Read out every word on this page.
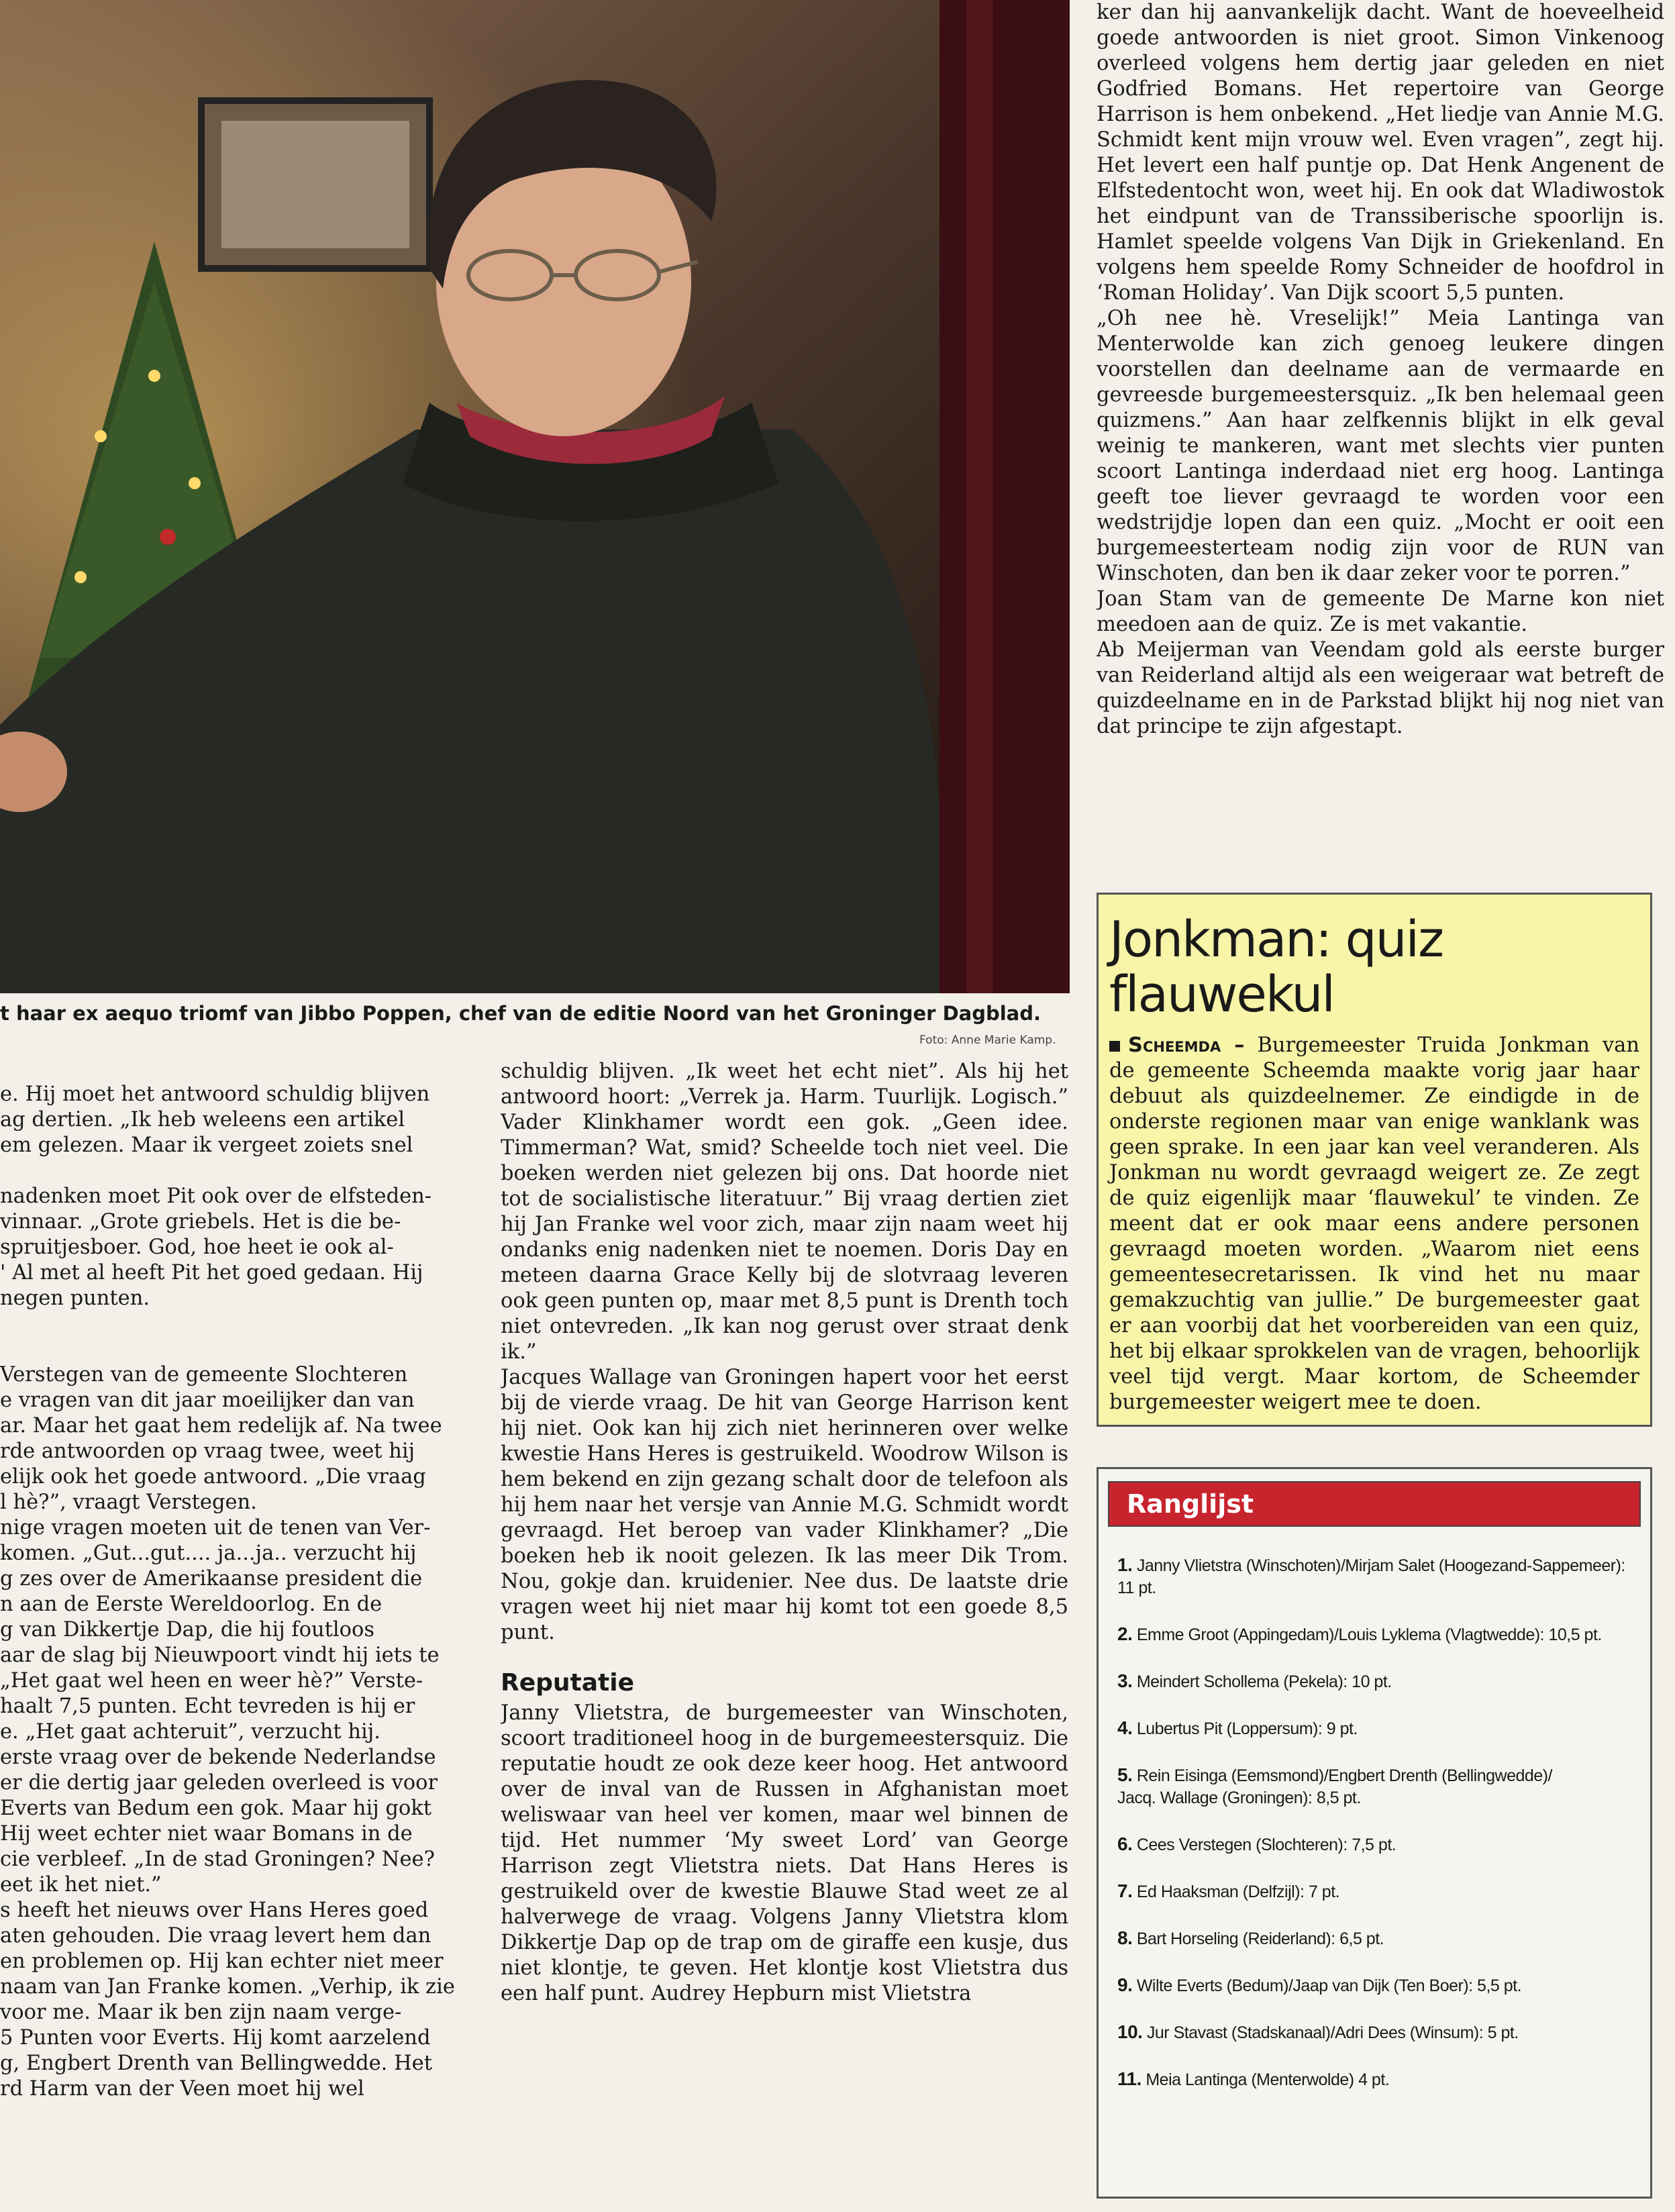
t haar ex aequo triomf van Jibbo Poppen, chef van de editie Noord van het Groninger Dagblad.
Foto: Anne Marie Kamp.

e. Hij moet het antwoord schuldig blijven

ag dertien. „Ik heb weleens een artikel

em gelezen. Maar ik vergeet zoiets snel

nadenken moet Pit ook over de elfsteden-

vinnaar. „Grote griebels. Het is die be-

spruitjesboer. God, hoe heet ie ook al-

' Al met al heeft Pit het goed gedaan. Hij

negen punten.

Verstegen van de gemeente Slochteren

e vragen van dit jaar moeilijker dan van

ar. Maar het gaat hem redelijk af. Na twee

rde antwoorden op vraag twee, weet hij

elijk ook het goede antwoord. „Die vraag

l hè?”, vraagt Verstegen.

nige vragen moeten uit de tenen van Ver-

komen. „Gut...gut.... ja...ja.. verzucht hij

g zes over de Amerikaanse president die

n aan de Eerste Wereldoorlog. En de

g van Dikkertje Dap, die hij foutloos

aar de slag bij Nieuwpoort vindt hij iets te

„Het gaat wel heen en weer hè?” Verste-

haalt 7,5 punten. Echt tevreden is hij er

e. „Het gaat achteruit”, verzucht hij.

erste vraag over de bekende Nederlandse

er die dertig jaar geleden overleed is voor

Everts van Bedum een gok. Maar hij gokt

Hij weet echter niet waar Bomans in de

cie verbleef. „In de stad Groningen? Nee?

eet ik het niet.”

s heeft het nieuws over Hans Heres goed

aten gehouden. Die vraag levert hem dan

en problemen op. Hij kan echter niet meer

naam van Jan Franke komen. „Verhip, ik zie

voor me. Maar ik ben zijn naam verge-

5 Punten voor Everts. Hij komt aarzelend

g, Engbert Drenth van Bellingwedde. Het

rd Harm van der Veen moet hij wel

schuldig blijven. „Ik weet het echt niet”. Als hij het antwoord hoort: „Verrek ja. Harm. Tuurlijk. Logisch.” Vader Klinkhamer wordt een gok. „Geen idee. Timmerman? Wat, smid? Scheelde toch niet veel. Die boeken werden niet gelezen bij ons. Dat hoorde niet tot de socialistische literatuur.” Bij vraag dertien ziet hij Jan Franke wel voor zich, maar zijn naam weet hij ondanks enig nadenken niet te noemen. Doris Day en meteen daarna Grace Kelly bij de slotvraag leveren ook geen punten op, maar met 8,5 punt is Drenth toch niet ontevreden. „Ik kan nog gerust over straat denk ik.”

Jacques Wallage van Groningen hapert voor het eerst bij de vierde vraag. De hit van George Harrison kent hij niet. Ook kan hij zich niet herinneren over welke kwestie Hans Heres is gestruikeld. Woodrow Wilson is hem bekend en zijn gezang schalt door de telefoon als hij hem naar het versje van Annie M.G. Schmidt wordt gevraagd. Het beroep van vader Klinkhamer? „Die boeken heb ik nooit gelezen. Ik las meer Dik Trom. Nou, gokje dan. kruidenier. Nee dus. De laatste drie vragen weet hij niet maar hij komt tot een goede 8,5 punt.

Reputatie

Janny Vlietstra, de burgemeester van Winschoten, scoort traditioneel hoog in de burgemeestersquiz. Die reputatie houdt ze ook deze keer hoog. Het antwoord over de inval van de Russen in Afghanistan moet weliswaar van heel ver komen, maar wel binnen de tijd. Het nummer ‘My sweet Lord’ van George Harrison zegt Vlietstra niets. Dat Hans Heres is gestruikeld over de kwestie Blauwe Stad weet ze al halverwege de vraag. Volgens Janny Vlietstra klom Dikkertje Dap op de trap om de giraffe een kusje, dus niet klontje, te geven. Het klontje kost Vlietstra dus een half punt. Audrey Hepburn mist Vlietstra

ker dan hij aanvankelijk dacht. Want de hoeveelheid goede antwoorden is niet groot. Simon Vinkenoog overleed volgens hem dertig jaar geleden en niet Godfried Bomans. Het repertoire van George Harrison is hem onbekend. „Het liedje van Annie M.G. Schmidt kent mijn vrouw wel. Even vragen”, zegt hij. Het levert een half puntje op. Dat Henk Angenent de Elfstedentocht won, weet hij. En ook dat Wladiwostok het eindpunt van de Transsiberische spoorlijn is. Hamlet speelde volgens Van Dijk in Griekenland. En volgens hem speelde Romy Schneider de hoofdrol in ‘Roman Holiday’. Van Dijk scoort 5,5 punten.

„Oh nee hè. Vreselijk!” Meia Lantinga van Menterwolde kan zich genoeg leukere dingen voorstellen dan deelname aan de vermaarde en gevreesde burgemeestersquiz. „Ik ben helemaal geen quizmens.” Aan haar zelfkennis blijkt in elk geval weinig te mankeren, want met slechts vier punten scoort Lantinga inderdaad niet erg hoog. Lantinga geeft toe liever gevraagd te worden voor een wedstrijdje lopen dan een quiz. „Mocht er ooit een burgemeesterteam nodig zijn voor de RUN van Winschoten, dan ben ik daar zeker voor te porren.”

Joan Stam van de gemeente De Marne kon niet meedoen aan de quiz. Ze is met vakantie.

Ab Meijerman van Veendam gold als eerste burger van Reiderland altijd als een weigeraar wat betreft de quizdeelname en in de Parkstad blijkt hij nog niet van dat principe te zijn afgestapt.

Jonkman: quiz flauwekul
Scheemda – Burgemeester Truida Jonkman van de gemeente Scheemda maakte vorig jaar haar debuut als quizdeelnemer. Ze eindigde in de onderste regionen maar van enige wanklank was geen sprake. In een jaar kan veel veranderen. Als Jonkman nu wordt gevraagd weigert ze. Ze zegt de quiz eigenlijk maar ‘flauwekul’ te vinden. Ze meent dat er ook maar eens andere personen gevraagd moeten worden. „Waarom niet eens gemeentesecretarissen. Ik vind het nu maar gemakzuchtig van jullie.” De burgemeester gaat er aan voorbij dat het voorbereiden van een quiz, het bij elkaar sprokkelen van de vragen, behoorlijk veel tijd vergt. Maar kortom, de Scheemder burgemeester weigert mee te doen.
Ranglijst
1. Janny Vlietstra (Winschoten)/Mirjam Salet (Hoogezand-Sappemeer): 11 pt.
2. Emme Groot (Appingedam)/Louis Lyklema (Vlagtwedde): 10,5 pt.
3. Meindert Schollema (Pekela): 10 pt.
4. Lubertus Pit (Loppersum): 9 pt.
5. Rein Eisinga (Eemsmond)/Engbert Drenth (Bellingwedde)/
Jacq. Wallage (Groningen): 8,5 pt.
6. Cees Verstegen (Slochteren): 7,5 pt.
7. Ed Haaksman (Delfzijl): 7 pt.
8. Bart Horseling (Reiderland): 6,5 pt.
9. Wilte Everts (Bedum)/Jaap van Dijk (Ten Boer): 5,5 pt.
10. Jur Stavast (Stadskanaal)/Adri Dees (Winsum): 5 pt.
11. Meia Lantinga (Menterwolde) 4 pt.
